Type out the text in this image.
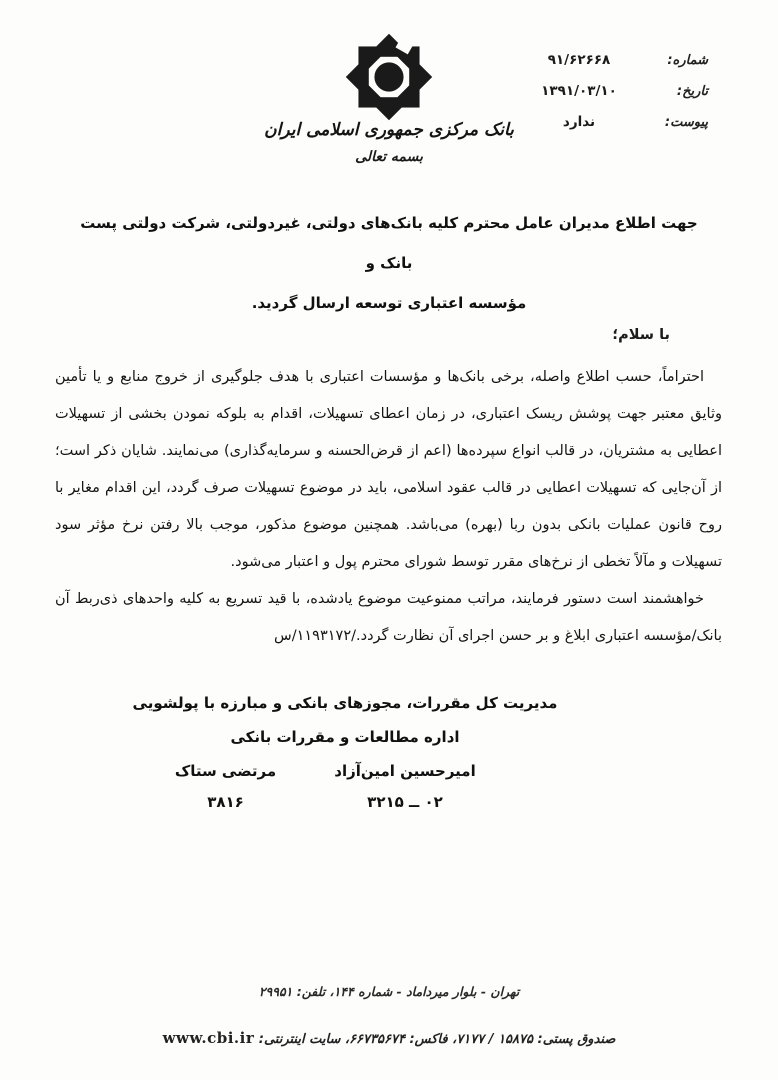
شماره:
۹۱/۶۲۶۶۸
تاریخ:
۱۳۹۱/۰۳/۱۰
پیوست:
ندارد
بانک مرکزی جمهوری اسلامی ایران
بسمه تعالی
جهت اطلاع مدیران عامل محترم کلیه بانک‌های دولتی، غیردولتی، شرکت دولتی پست بانک و
مؤسسه اعتباری توسعه ارسال گردید.
با سلام؛

احتراماً، حسب اطلاع واصله، برخی بانک‌ها و مؤسسات اعتباری با هدف جلوگیری از خروج منابع و یا تأمین وثایق معتبر جهت پوشش ریسک اعتباری، در زمان اعطای تسهیلات، اقدام به بلوکه نمودن بخشی از تسهیلات اعطایی به مشتریان، در قالب انواع سپرده‌ها (اعم از قرض‌الحسنه و سرمایه‌گذاری) می‌نمایند. شایان ذکر است؛ از آن‌جایی که تسهیلات اعطایی در قالب عقود اسلامی، باید در موضوع تسهیلات صرف گردد، این اقدام مغایر با روح قانون عملیات بانکی بدون ربا (بهره) می‌باشد. همچنین موضوع مذکور، موجب بالا رفتن نرخ مؤثر سود تسهیلات و مآلاً تخطی از نرخ‌های مقرر توسط شورای محترم پول و اعتبار می‌شود.

خواهشمند است دستور فرمایند، مراتب ممنوعیت موضوع یادشده، با قید تسریع به کلیه واحدهای ذی‌ربط آن بانک/مؤسسه اعتباری ابلاغ و بر حسن اجرای آن نظارت گردد./۱۱۹۳۱۷۲/س

مدیریت کل مقررات، مجوزهای بانکی و مبارزه با پولشویی
اداره مطالعات و مقررات بانکی
امیرحسین امین‌آزاد
۰۲ ــ ۳۲۱۵
مرتضی ستاک
۳۸۱۶
تهران - بلوار میرداماد - شماره ۱۴۴، تلفن: ۲۹۹۵۱
صندوق پستی: ۱۵۸۷۵ / ۷۱۷۷، فاکس: ۶۶۷۳۵۶۷۴، سایت اینترنتی: www.cbi.ir
